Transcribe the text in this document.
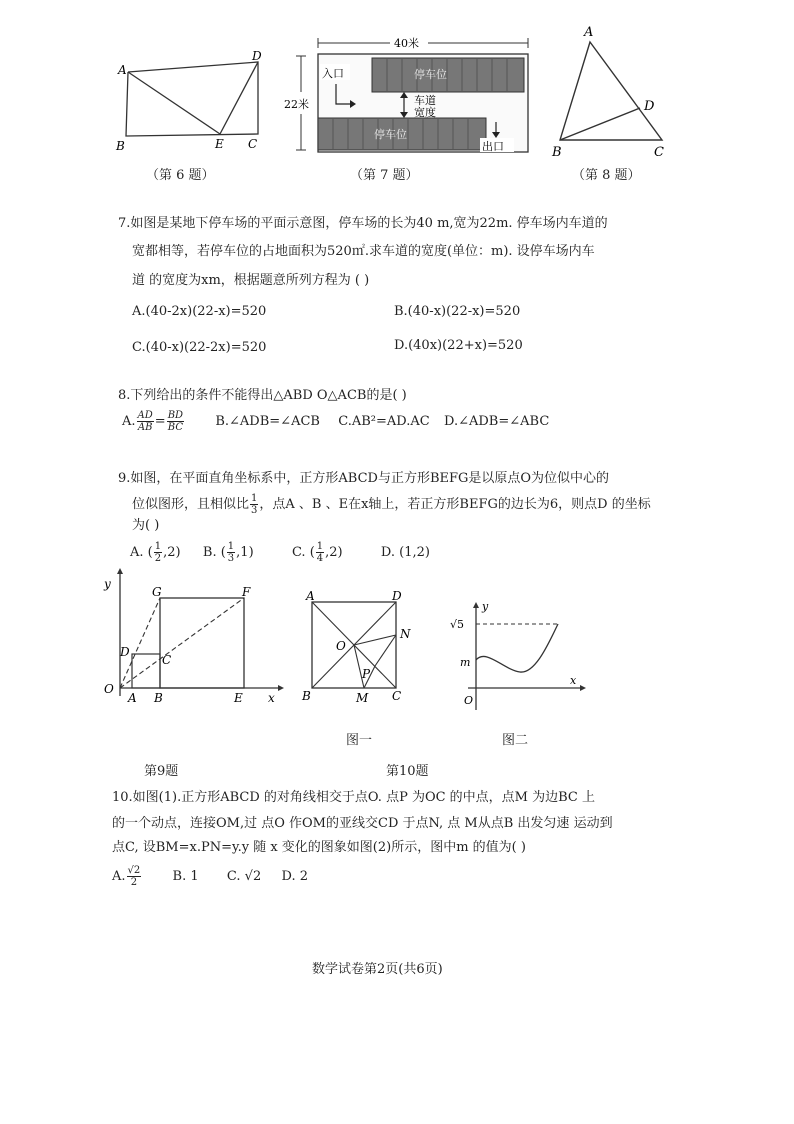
A
D
B	E C
（第 6 题）
40米
22米
入口	停车位
停车位
车道
宽度
出口
（第 7 题）
A
D
B	C
（第 8 题）
7.如图是某地下停车场的平面示意图，停车场的长为40 m,宽为22m. 停车场内车道的
宽都相等，若停车位的占地面积为520㎡.求车道的宽度(单位：m). 设停车场内车
道 的宽度为xm，根据题意所列方程为 ( )
A.(40-2x)(22-x)=520	B.(40-x)(22-x)=520
C.(40-x)(22-2x)=520	D.(40x)(22+x)=520
8.下列给出的条件不能得出△ABD O△ACB的是( )
A. $\frac{AD}{AB} = \frac{BD}{BC}$ B.∠ADB=∠ACB C.AB²=AD.AC D.∠ADB=∠ABC
9.如图，在平面直角坐标系中，正方形ABCD与正方形BEFG是以原点O为位似中心的
位似图形，且相似比 $\frac{1}{3}$ ，点A 、B 、E在x轴上，若正方形BEFG的边长为6，则点D 的坐标
为( )
A. ( $\frac{1}{2} ,2$) B. ( $\frac{1}{3} ,1$)	C. ( $\frac{1}{4} ,2$)	D. (1,2)
y
G	F
D
C
O
A B	E x
A	D
O
N
P
B	M C
y
√5
m
x
O
图一	图二
第9题	第10题
10.如图(1).正方形ABCD 的对角线相交于点O. 点P 为OC 的中点，点M 为边BC 上
的一个动点，连接OM,过 点O 作OM的亚线交CD 于点N, 点 M从点B 出发匀速 运动到
点C, 设BM=x.PN=y.y 随 x 变化的图象如图(2)所示，图中m 的值为( )
A. $\frac{√2}{2} B$. 1 C. √2 D. 2
数学试卷第2页(共6页)
